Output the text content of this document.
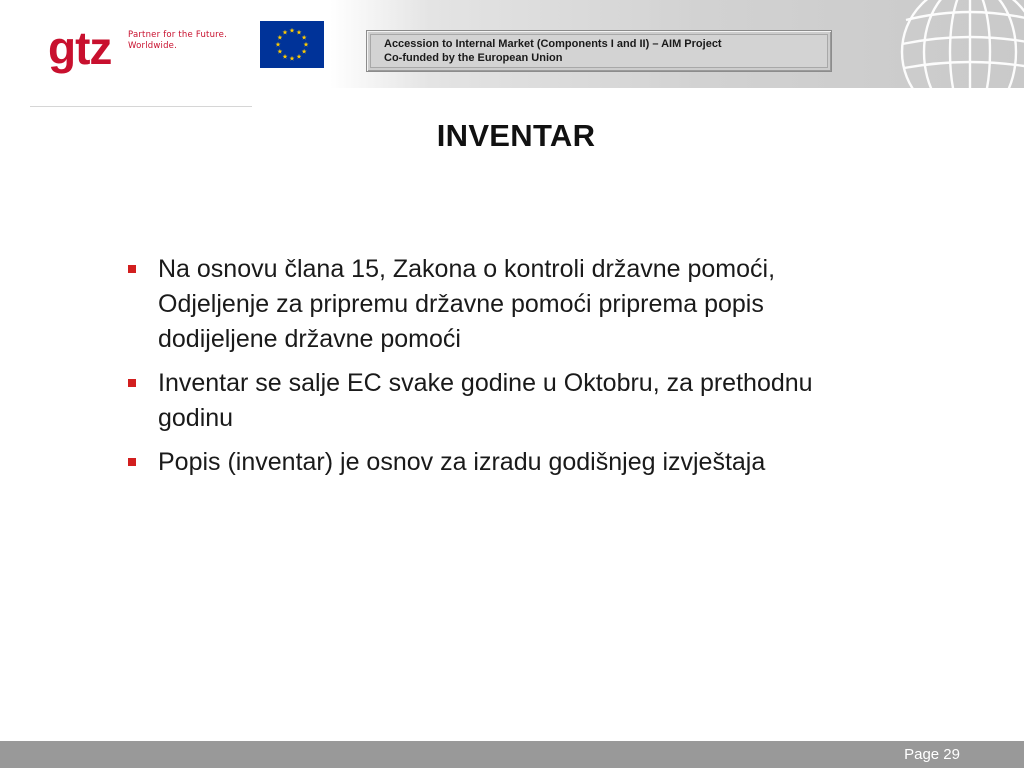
gtz Partner for the Future.
Worldwide.	Accession to Internal Market (Components I and II) – AIM Project
Co-funded by the European Union
INVENTAR
Na osnovu člana 15, Zakona o kontroli državne pomoći, Odjeljenje za pripremu državne pomoći priprema popis dodijeljene državne pomoći
Inventar se salje EC svake godine u Oktobru, za prethodnu godinu
Popis (inventar) je osnov za izradu godišnjeg izvještaja
Page 29
